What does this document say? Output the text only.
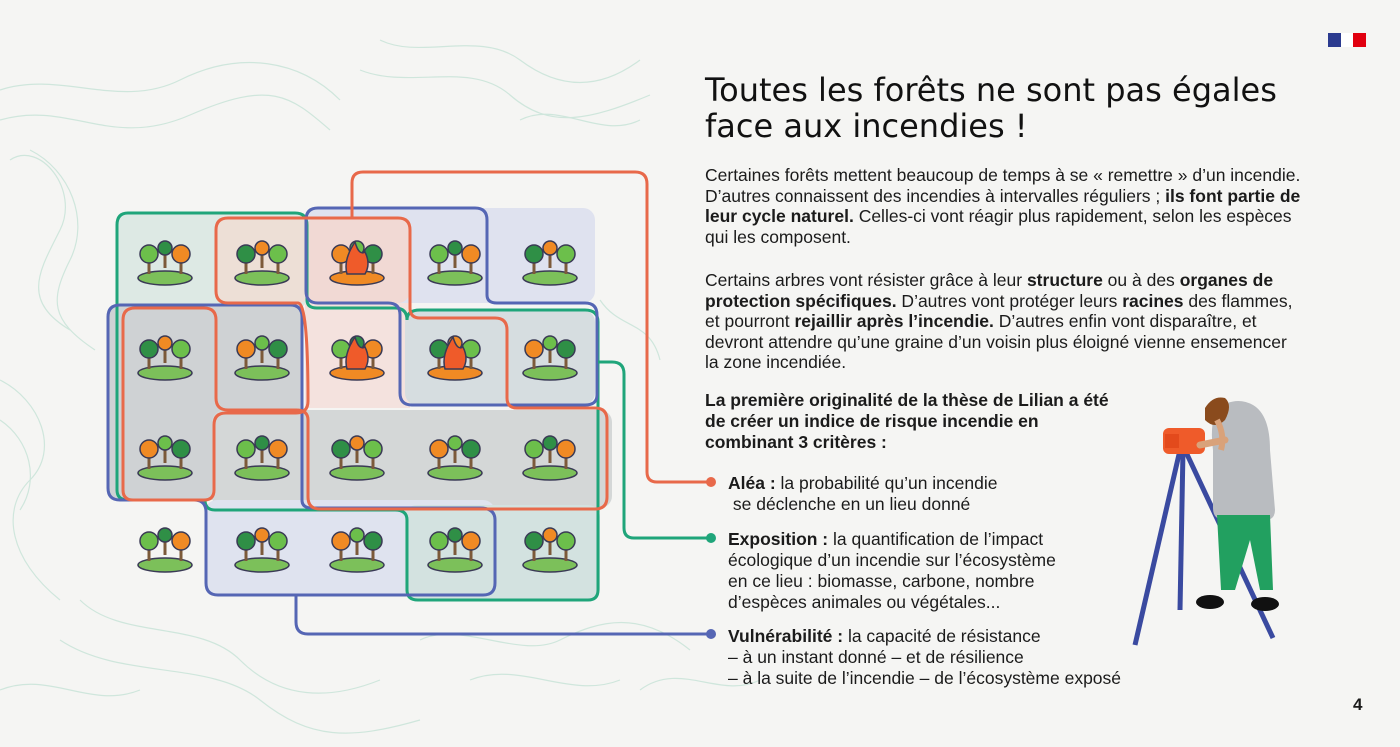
Toutes les forêts ne sont pas égales face aux incendies !
Certaines forêts mettent beaucoup de temps à se « remettre » d’un incendie. D’autres connaissent des incendies à intervalles réguliers ; ils font partie de leur cycle naturel. Celles-ci vont réagir plus rapidement, selon les espèces qui les composent.
Certains arbres vont résister grâce à leur structure ou à des organes de protection spécifiques. D’autres vont protéger leurs racines des flammes, et pourront rejaillir après l’incendie. D’autres enfin vont disparaître, et devront attendre qu’une graine d’un voisin plus éloigné vienne ensemencer la zone incendiée.
La première originalité de la thèse de Lilian a été de créer un indice de risque incendie en combinant 3 critères :
Aléa : la probabilité qu’un incendie
se déclenche en un lieu donné
Exposition : la quantification de l’impact
écologique d’un incendie sur l’écosystème
en ce lieu : biomasse, carbone, nombre
d’espèces animales ou végétales...
Vulnérabilité : la capacité de résistance
– à un instant donné – et de résilience
– à la suite de l’incendie – de l’écosystème exposé
4
